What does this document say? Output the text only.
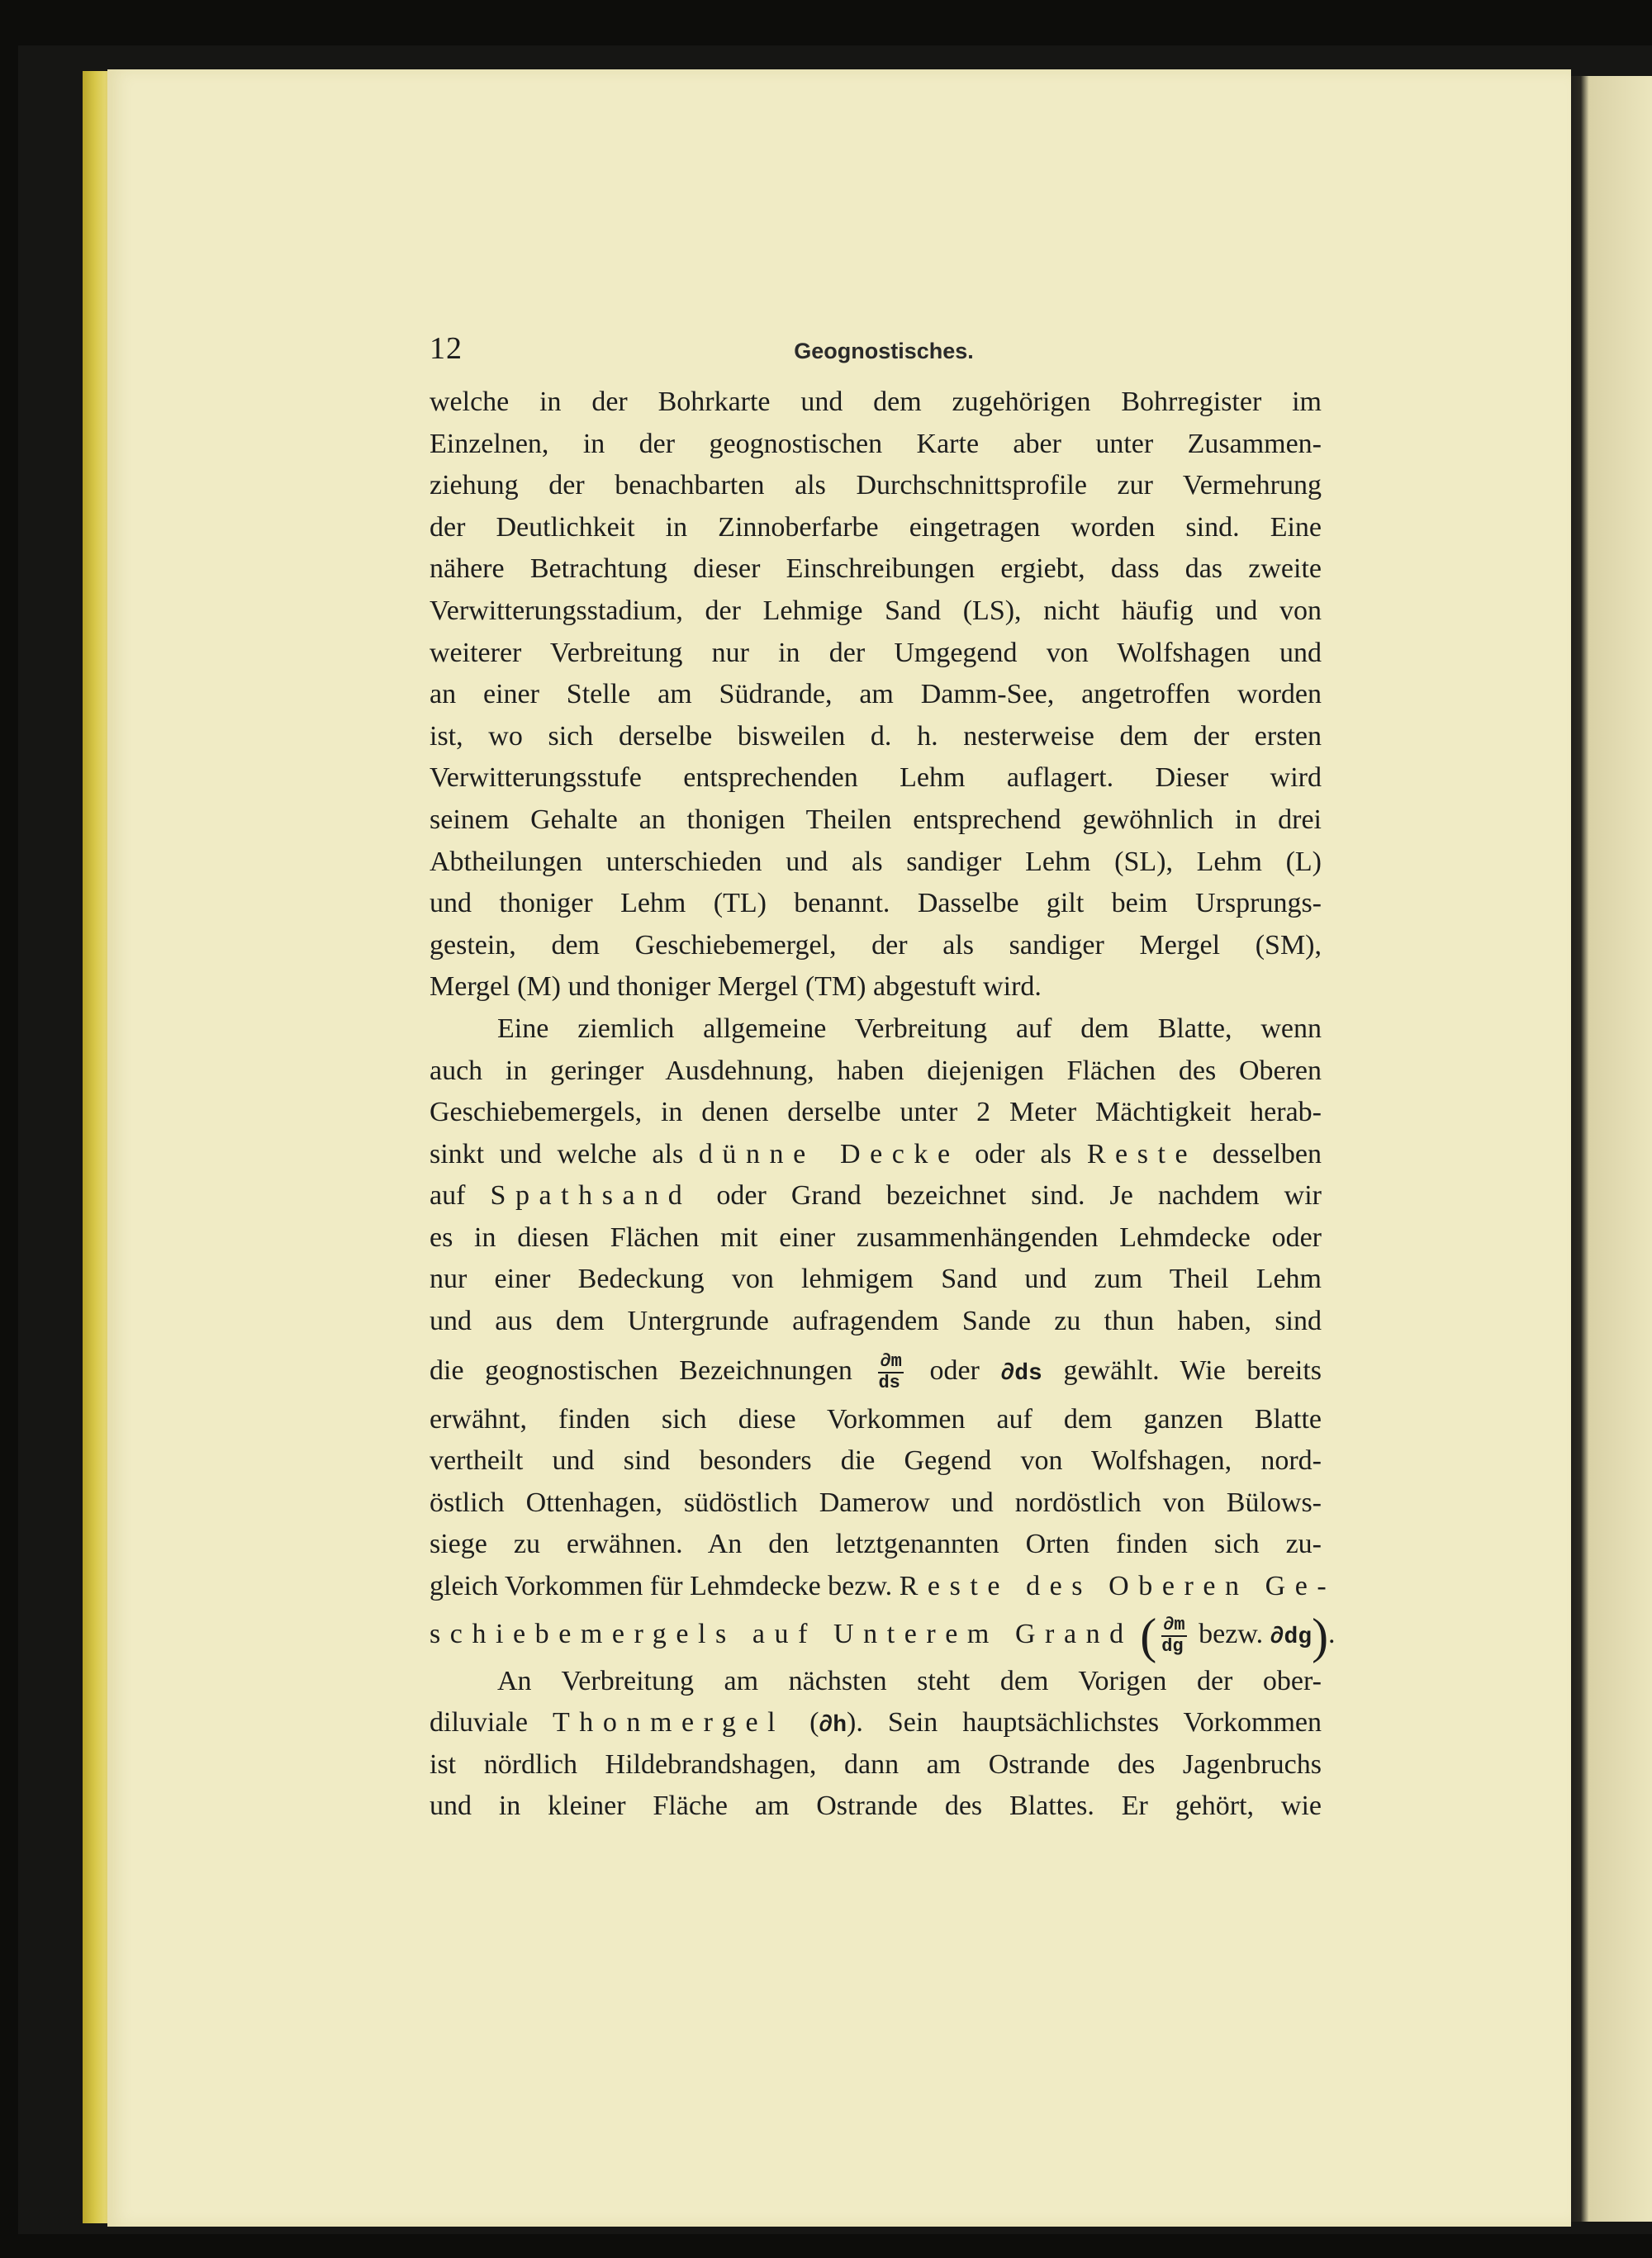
12	Geognostisches.
welche in der Bohrkarte und dem zugehörigen Bohrregister im
Einzelnen, in der geognostischen Karte aber unter Zusammen-
ziehung der benachbarten als Durchschnittsprofile zur Vermehrung
der Deutlichkeit in Zinnoberfarbe eingetragen worden sind. Eine
nähere Betrachtung dieser Einschreibungen ergiebt, dass das zweite
Verwitterungsstadium, der Lehmige Sand (LS), nicht häufig und von
weiterer Verbreitung nur in der Umgegend von Wolfshagen und
an einer Stelle am Südrande, am Damm-See, angetroffen worden
ist, wo sich derselbe bisweilen d. h. nesterweise dem der ersten
Verwitterungsstufe entsprechenden Lehm auflagert. Dieser wird
seinem Gehalte an thonigen Theilen entsprechend gewöhnlich in drei
Abtheilungen unterschieden und als sandiger Lehm (SL), Lehm (L)
und thoniger Lehm (TL) benannt. Dasselbe gilt beim Ursprungs-
gestein, dem Geschiebemergel, der als sandiger Mergel (SM),
Mergel (M) und thoniger Mergel (TM) abgestuft wird.
Eine ziemlich allgemeine Verbreitung auf dem Blatte, wenn
auch in geringer Ausdehnung, haben diejenigen Flächen des Oberen
Geschiebemergels, in denen derselbe unter 2 Meter Mächtigkeit herab-
sinkt und welche als dünne Decke oder als Reste desselben
auf Spathsand oder Grand bezeichnet sind. Je nachdem wir
es in diesen Flächen mit einer zusammenhängenden Lehmdecke oder
nur einer Bedeckung von lehmigem Sand und zum Theil Lehm
und aus dem Untergrunde aufragendem Sande zu thun haben, sind
die geognostischen Bezeichnungen $\frac{\partial m}{ds}$ oder ∂ds gewählt. Wie bereits
erwähnt, finden sich diese Vorkommen auf dem ganzen Blatte
vertheilt und sind besonders die Gegend von Wolfshagen, nord-
östlich Ottenhagen, südöstlich Damerow und nordöstlich von Bülows-
siege zu erwähnen. An den letztgenannten Orten finden sich zu-
gleich Vorkommen für Lehmdecke bezw. Reste des Oberen Ge-
schiebemergels auf Unterem Grand ( $\frac{\partial m}{dg}$ bezw. ∂dg)
An Verbreitung am nächsten steht dem Vorigen der ober-
diluviale Thonmergel (∂h). Sein hauptsächlichstes Vorkommen
ist nördlich Hildebrandshagen, dann am Ostrande des Jagenbruchs
und in kleiner Fläche am Ostrande des Blattes. Er gehört, wie
